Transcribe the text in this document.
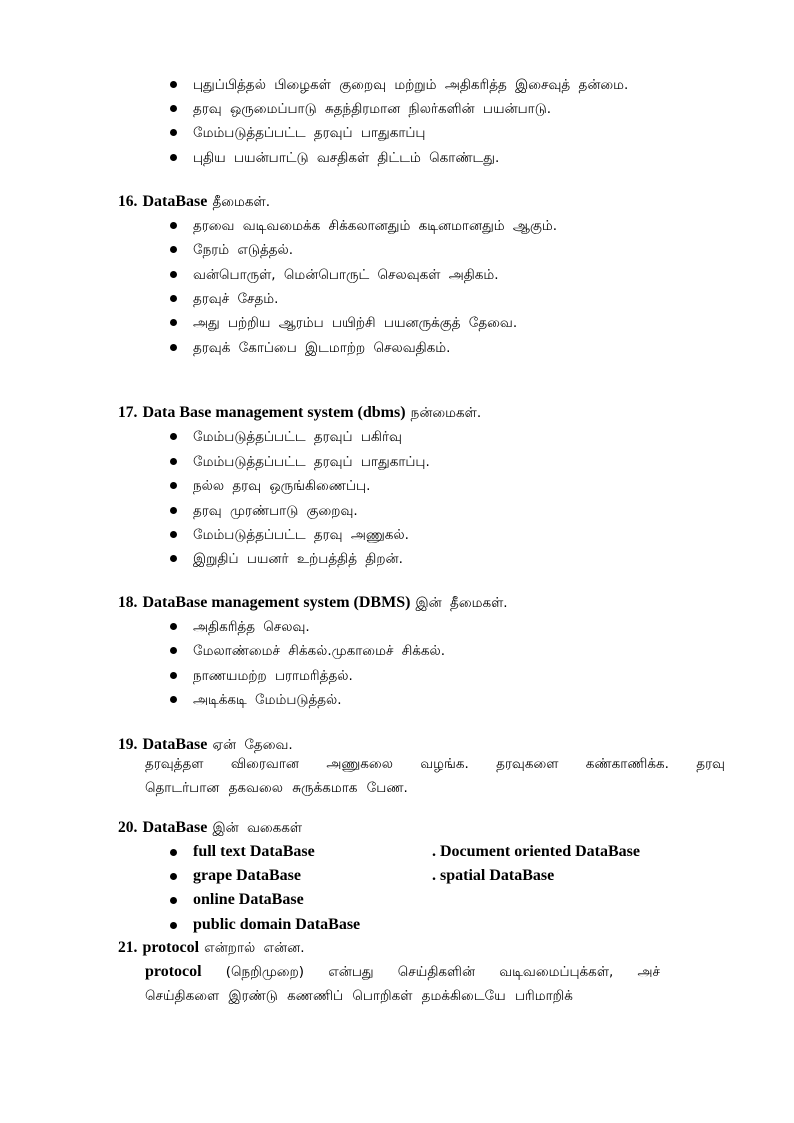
புதுப்பித்தல் பிழைகள் குறைவு மற்றும் அதிகரித்த இசைவுத் தன்மை.
தரவு ஒருமைப்பாடு சுதந்திரமான நிலர்களின் பயன்பாடு.
மேம்படுத்தப்பட்ட தரவுப் பாதுகாப்பு
புதிய பயன்பாட்டு வசதிகள் திட்டம் கொண்டது.
16. DataBase தீமைகள்.
தரவை வடிவமைக்க சிக்கலானதும் கடினமானதும் ஆகும்.
நேரம் எடுத்தல்.
வன்பொருள், மென்பொருட் செலவுகள் அதிகம்.
தரவுச் சேதம்.
அது பற்றிய ஆரம்ப பயிற்சி பயனருக்குத் தேவை.
தரவுக் கோப்பை இடமாற்ற செலவதிகம்.
17. Data Base management system (dbms) நன்மைகள்.
மேம்படுத்தப்பட்ட தரவுப் பகிர்வு
மேம்படுத்தப்பட்ட தரவுப் பாதுகாப்பு.
நல்ல தரவு ஒருங்கிணைப்பு.
தரவு முரண்பாடு குறைவு.
மேம்படுத்தப்பட்ட தரவு அணுகல்.
இறுதிப் பயனர் உற்பத்தித் திறன்.
18. DataBase management system (DBMS) இன் தீமைகள்.
அதிகரித்த செலவு.
மேலாண்மைச் சிக்கல்.முகாமைச் சிக்கல்.
நாணயமற்ற பராமரித்தல்.
அடிக்கடி மேம்படுத்தல்.
19. DataBase ஏன் தேவை.
தரவுத்தள விரைவான அணுகலை வழங்க. தரவுகளை கண்காணிக்க. தரவு
தொடர்பான தகவலை சுருக்கமாக பேண.
20. DataBase இன் வகைகள்
full text DataBase	. Document oriented DataBase
grape DataBase	. spatial DataBase
online DataBase
public domain DataBase
21. protocol என்றால் என்ன.
protocol (நெறிமுறை) என்பது செய்திகளின் வடிவமைப்புக்கள், அச்
செய்திகளை இரண்டு கணணிப் பொறிகள் தமக்கிடையே பரிமாறிக்
